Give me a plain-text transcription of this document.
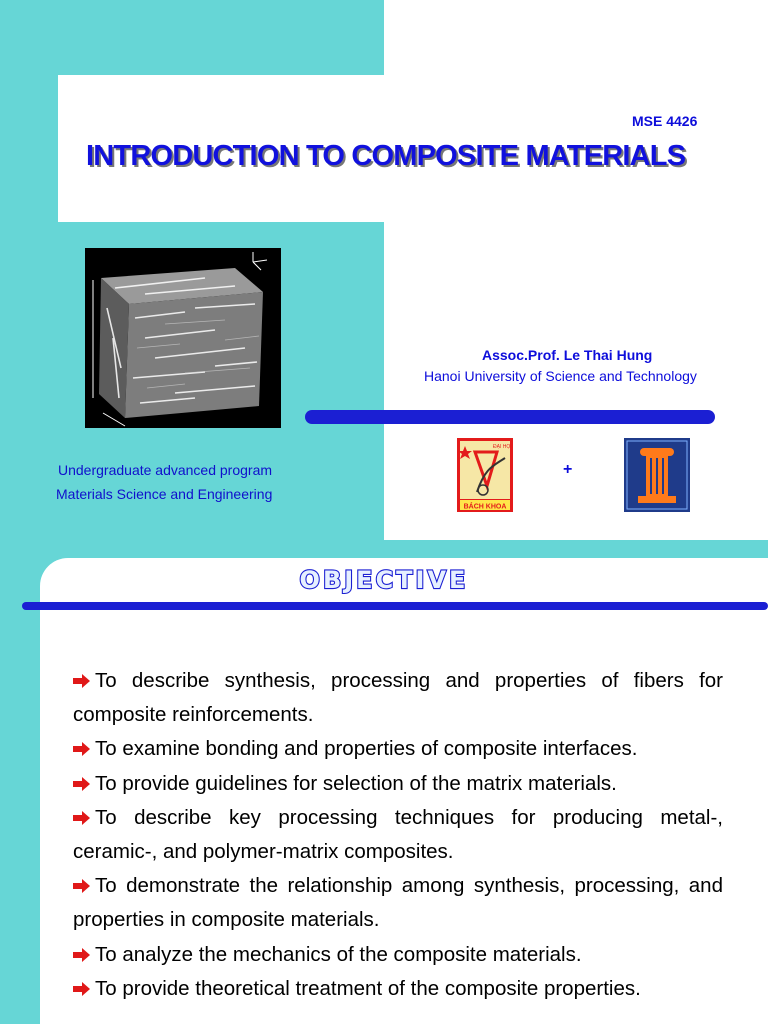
MSE 4426
INTRODUCTION TO COMPOSITE MATERIALS
Assoc.Prof. Le Thai Hung
Hanoi University of Science and Technology
Undergraduate advanced program
Materials Science and Engineering
ĐẠI HỌC
BÁCH KHOA
+
OBJECTIVE
To describe synthesis, processing and properties of fibers for composite reinforcements.
To examine bonding and properties of composite interfaces.
To provide guidelines for selection of the matrix materials.
To describe key processing techniques for producing metal-, ceramic-, and polymer-matrix composites.
To demonstrate the relationship among synthesis, processing, and properties in composite materials.
To analyze the mechanics of the composite materials.
To provide theoretical treatment of the composite properties.
